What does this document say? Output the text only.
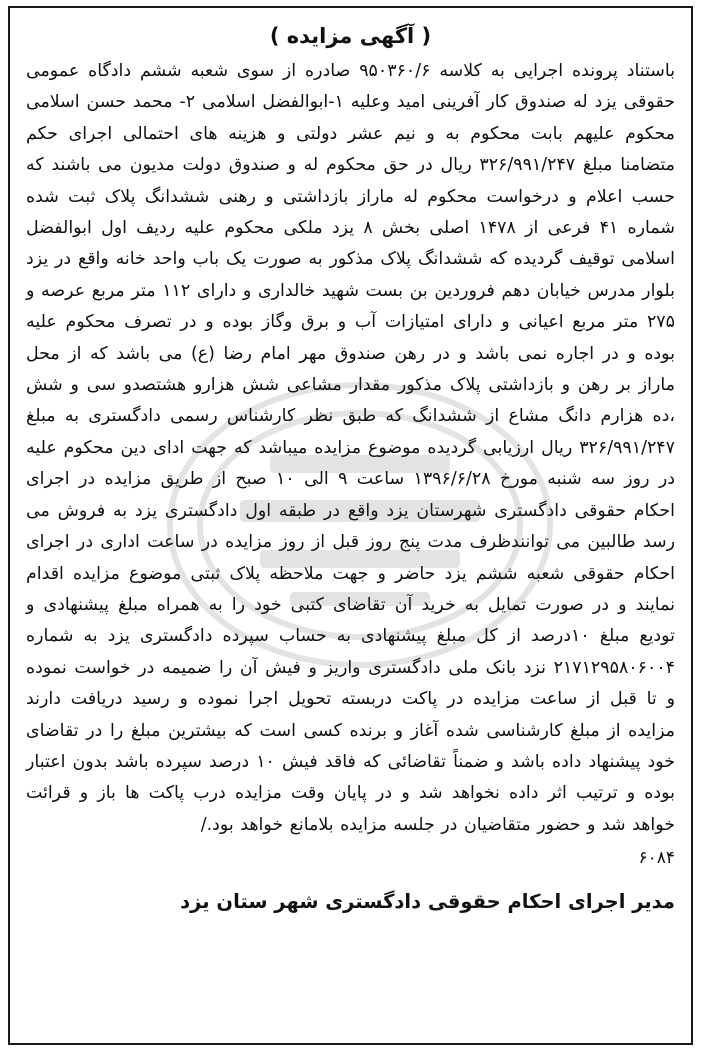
( آگهی مزایده )

باستناد پرونده اجرایی به کلاسه ۹۵۰۳۶۰/۶ صادره از سوی شعبه ششم دادگاه عمومی حقوقی یزد له صندوق کار آفرینی امید وعلیه ۱-ابوالفضل اسلامی ۲- محمد حسن اسلامی محکوم علیهم بابت محکوم به و نیم عشر دولتی و هزینه های احتمالی اجرای حکم متضامنا مبلغ ۳۲۶/۹۹۱/۲۴۷ ریال در حق محکوم له و صندوق دولت مدیون می باشند که حسب اعلام و درخواست محکوم له ماراز بازداشتی و رهنی ششدانگ پلاک ثبت شده شماره ۴۱ فرعی از ۱۴۷۸ اصلی بخش ۸ یزد ملکی محکوم علیه ردیف اول ابوالفضل اسلامی توقیف گردیده که ششدانگ پلاک مذکور به صورت یک باب واحد خانه واقع در یزد بلوار مدرس خیابان دهم فروردین بن بست شهید خالداری و دارای ۱۱۲ متر مربع عرصه و ۲۷۵ متر مربع اعیانی و دارای امتیازات آب و برق وگاز بوده و در تصرف محکوم علیه بوده و در اجاره نمی باشد و در رهن صندوق مهر امام رضا (ع) می باشد که از محل ماراز بر رهن و بازداشتی پلاک مذکور مقدار مشاعی شش هزارو هشتصدو سی و شش ،ده هزارم دانگ مشاع از ششدانگ که طبق نظر کارشناس رسمی دادگستری به مبلغ ۳۲۶/۹۹۱/۲۴۷ ریال ارزیابی گردیده موضوع مزایده میباشد که جهت ادای دین محکوم علیه در روز سه شنبه مورخ ۱۳۹۶/۶/۲۸ ساعت ۹ الی ۱۰ صبح از طریق مزایده در اجرای احکام حقوقی دادگستری شهرستان یزد واقع در طبقه اول دادگستری یزد به فروش می رسد طالبین می توانندظرف مدت پنج روز قبل از روز مزایده در ساعت اداری در اجرای احکام حقوقی شعبه ششم یزد حاضر و جهت ملاحظه پلاک ثبتی موضوع مزایده اقدام نمایند و در صورت تمایل به خرید آن تقاضای کتبی خود را به همراه مبلغ پیشنهادی و تودیع مبلغ ۱۰درصد از کل مبلغ پیشنهادی به حساب سپرده دادگستری یزد به شماره ۲۱۷۱۲۹۵۸۰۶۰۰۴ نزد بانک ملی دادگستری واریز و فیش آن را ضمیمه در خواست نموده و تا قبل از ساعت مزایده در پاکت دربسته تحویل اجرا نموده و رسید دریافت دارند مزایده از مبلغ کارشناسی شده آغاز و برنده کسی است که بیشترین مبلغ را در تقاضای خود پیشنهاد داده باشد و ضمناً تقاضائی که فاقد فیش ۱۰ درصد سپرده باشد بدون اعتبار بوده و ترتیب اثر داده نخواهد شد و در پایان وقت مزایده درب پاکت ها باز و قرائت خواهد شد و حضور متقاضیان در جلسه مزایده بلامانع خواهد بود./

۶۰۸۴
مدیر اجرای احکام حقوقی دادگستری شهر ستان یزد
